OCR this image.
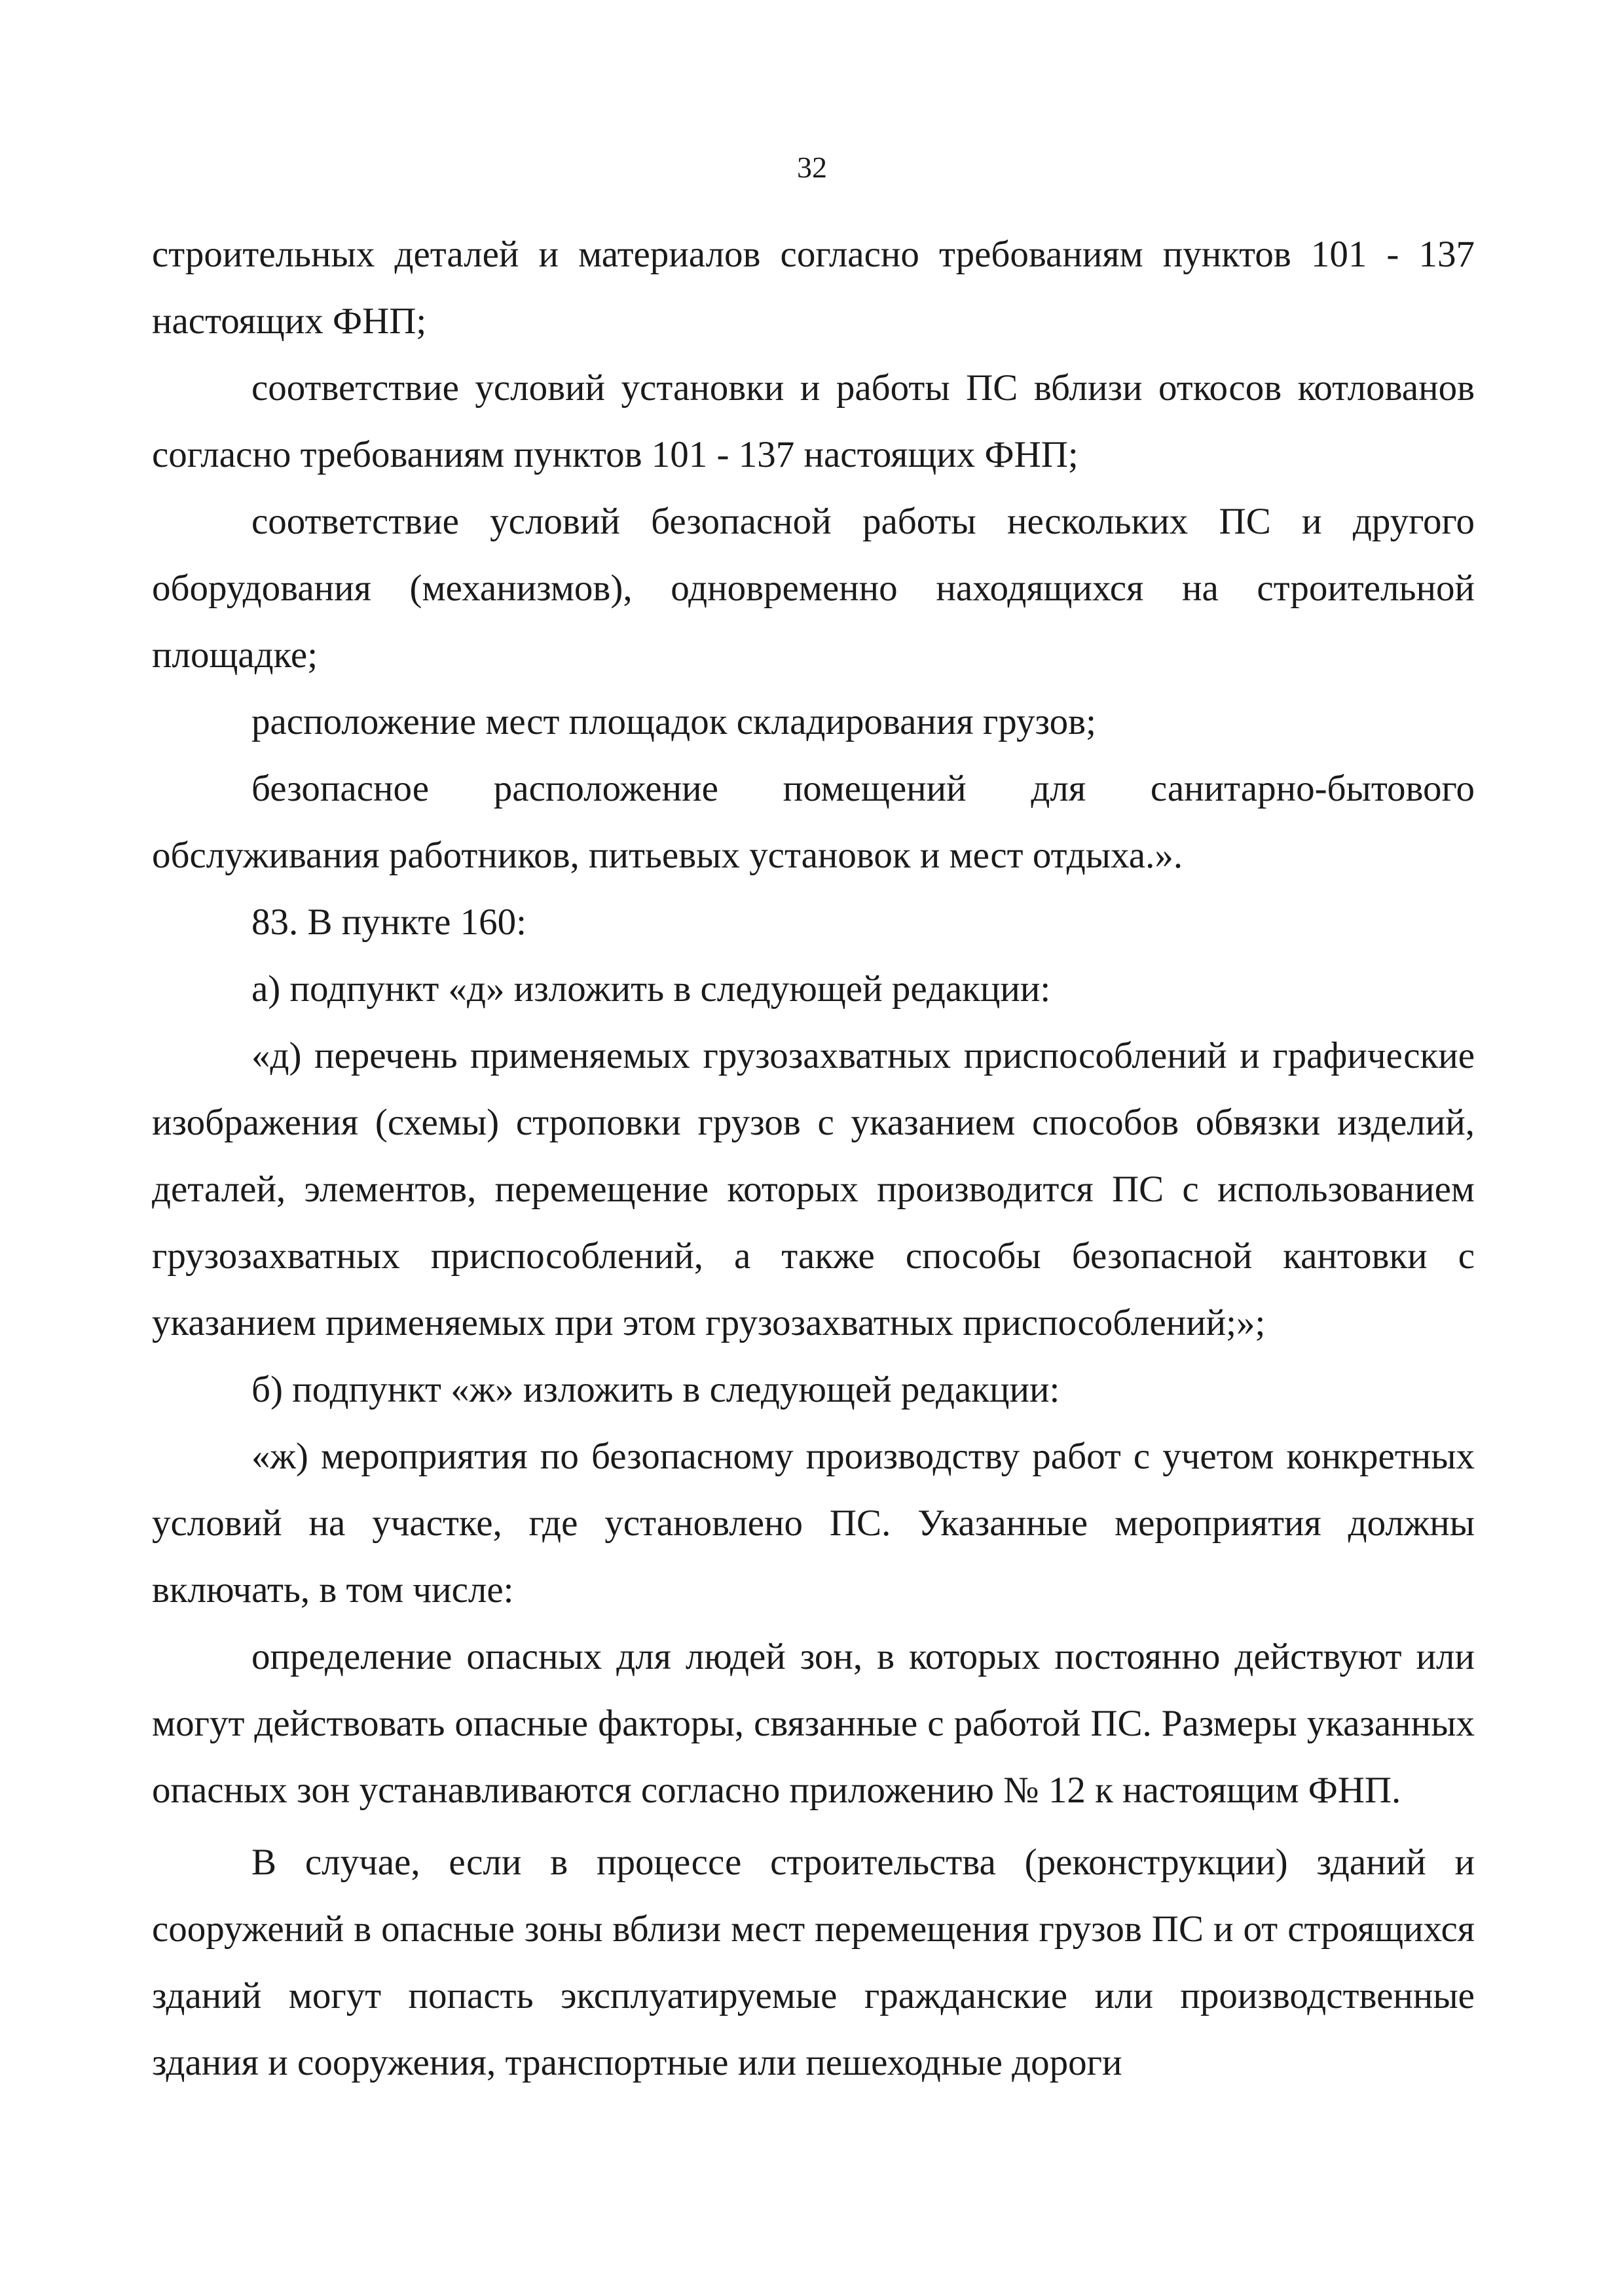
32

строительных деталей и материалов согласно требованиям пунктов 101 - 137 настоящих ФНП;

соответствие условий установки и работы ПС вблизи откосов котлованов согласно требованиям пунктов 101 - 137 настоящих ФНП;

соответствие условий безопасной работы нескольких ПС и другого оборудования (механизмов), одновременно находящихся на строительной площадке;

расположение мест площадок складирования грузов;

безопасное расположение помещений для санитарно-бытового обслуживания работников, питьевых установок и мест отдыха.».

83. В пункте 160:

а) подпункт «д» изложить в следующей редакции:

«д) перечень применяемых грузозахватных приспособлений и графические изображения (схемы) строповки грузов с указанием способов обвязки изделий, деталей, элементов, перемещение которых производится ПС с использованием грузозахватных приспособлений, а также способы безопасной кантовки с указанием применяемых при этом грузозахватных приспособлений;»;

б) подпункт «ж» изложить в следующей редакции:

«ж) мероприятия по безопасному производству работ с учетом конкретных условий на участке, где установлено ПС. Указанные мероприятия должны включать, в том числе:

определение опасных для людей зон, в которых постоянно действуют или могут действовать опасные факторы, связанные с работой ПС. Размеры указанных опасных зон устанавливаются согласно приложению № 12 к настоящим ФНП.

В случае, если в процессе строительства (реконструкции) зданий и сооружений в опасные зоны вблизи мест перемещения грузов ПС и от строящихся зданий могут попасть эксплуатируемые гражданские или производственные здания и сооружения, транспортные или пешеходные дороги
